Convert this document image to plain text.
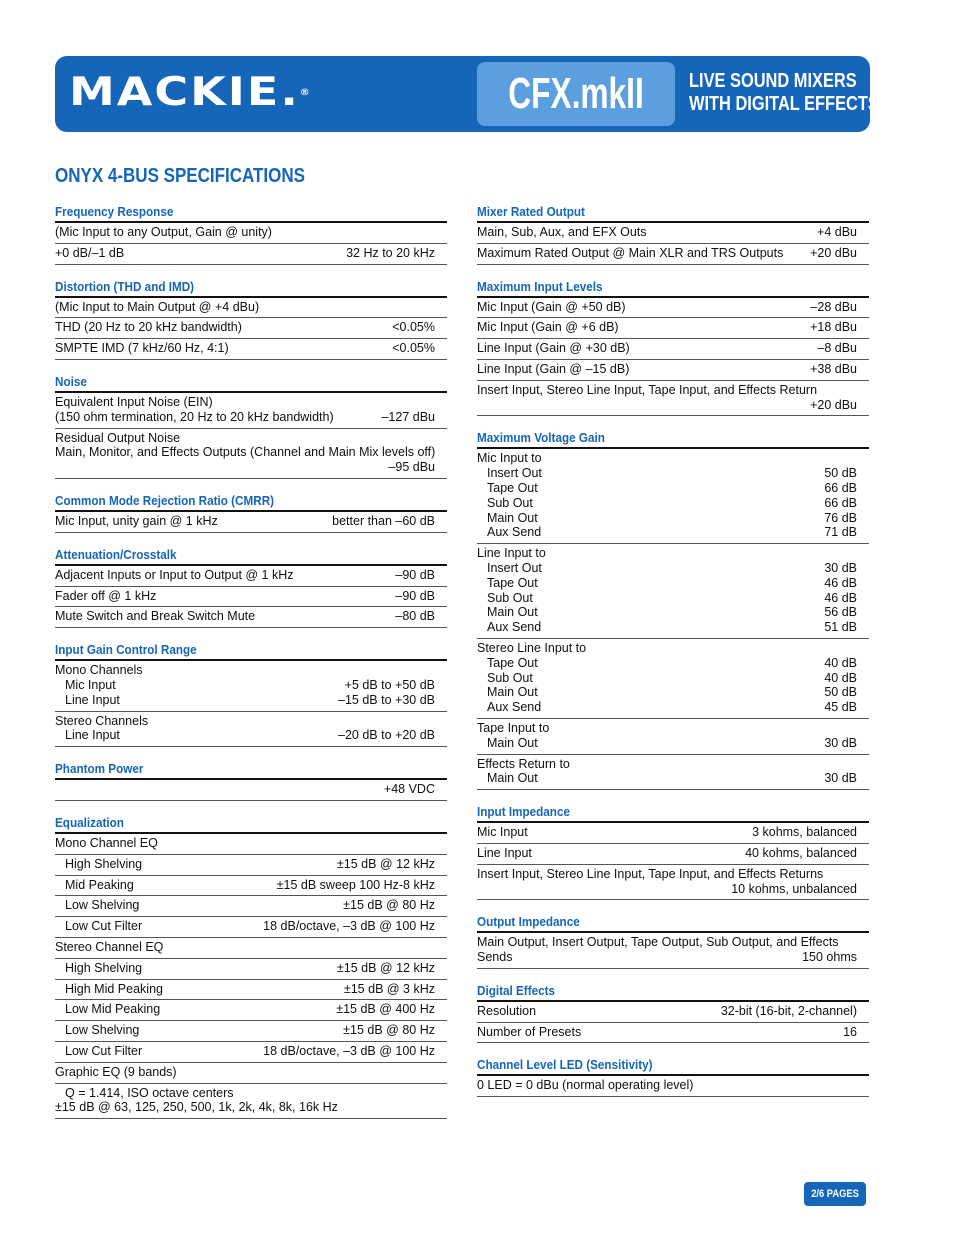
MACKIE.®	CFX.mkII LIVE SOUND MIXERS
WITH DIGITAL EFFECTS
ONYX 4-BUS SPECIFICATIONS
Frequency Response
(Mic Input to any Output, Gain @ unity)
+0 dB/–1 dB	32 Hz to 20 kHz
Distortion (THD and IMD)
(Mic Input to Main Output @ +4 dBu)
THD (20 Hz to 20 kHz bandwidth)	<0.05%
SMPTE IMD (7 kHz/60 Hz, 4:1)	<0.05%
Noise
Equivalent Input Noise (EIN)
(150 ohm termination, 20 Hz to 20 kHz bandwidth)	–127 dBu
Residual Output Noise
Main, Monitor, and Effects Outputs (Channel and Main Mix levels off)
–95 dBu
Common Mode Rejection Ratio (CMRR)
Mic Input, unity gain @ 1 kHz	better than –60 dB
Attenuation/Crosstalk
Adjacent Inputs or Input to Output @ 1 kHz	–90 dB
Fader off @ 1 kHz	–90 dB
Mute Switch and Break Switch Mute	–80 dB
Input Gain Control Range
Mono Channels
Mic Input	+5 dB to +50 dB
Line Input	–15 dB to +30 dB
Stereo Channels
Line Input	–20 dB to +20 dB
Phantom Power
+48 VDC
Equalization
Mono Channel EQ
High Shelving	±15 dB @ 12 kHz
Mid Peaking	±15 dB sweep 100 Hz-8 kHz
Low Shelving	±15 dB @ 80 Hz
Low Cut Filter	18 dB/octave, –3 dB @ 100 Hz
Stereo Channel EQ
High Shelving	±15 dB @ 12 kHz
High Mid Peaking	±15 dB @ 3 kHz
Low Mid Peaking	±15 dB @ 400 Hz
Low Shelving	±15 dB @ 80 Hz
Low Cut Filter	18 dB/octave, –3 dB @ 100 Hz
Graphic EQ (9 bands)
Q = 1.414, ISO octave centers
±15 dB @ 63, 125, 250, 500, 1k, 2k, 4k, 8k, 16k Hz
Mixer Rated Output
Main, Sub, Aux, and EFX Outs	+4 dBu
Maximum Rated Output @ Main XLR and TRS Outputs +20 dBu
Maximum Input Levels
Mic Input (Gain @ +50 dB)	–28 dBu
Mic Input (Gain @ +6 dB)	+18 dBu
Line Input (Gain @ +30 dB)	–8 dBu
Line Input (Gain @ –15 dB)	+38 dBu
Insert Input, Stereo Line Input, Tape Input, and Effects Return
+20 dBu
Maximum Voltage Gain
Mic Input to
Insert Out	50 dB
Tape Out	66 dB
Sub Out	66 dB
Main Out	76 dB
Aux Send	71 dB
Line Input to
Insert Out	30 dB
Tape Out	46 dB
Sub Out	46 dB
Main Out	56 dB
Aux Send	51 dB
Stereo Line Input to
Tape Out	40 dB
Sub Out	40 dB
Main Out	50 dB
Aux Send	45 dB
Tape Input to
Main Out	30 dB
Effects Return to
Main Out	30 dB
Input Impedance
Mic Input	3 kohms, balanced
Line Input	40 kohms, balanced
Insert Input, Stereo Line Input, Tape Input, and Effects Returns
10 kohms, unbalanced
Output Impedance
Main Output, Insert Output, Tape Output, Sub Output, and Effects
Sends	150 ohms
Digital Effects
Resolution	32-bit (16-bit, 2-channel)
Number of Presets	16
Channel Level LED (Sensitivity)
0 LED = 0 dBu (normal operating level)
2/6 PAGES
